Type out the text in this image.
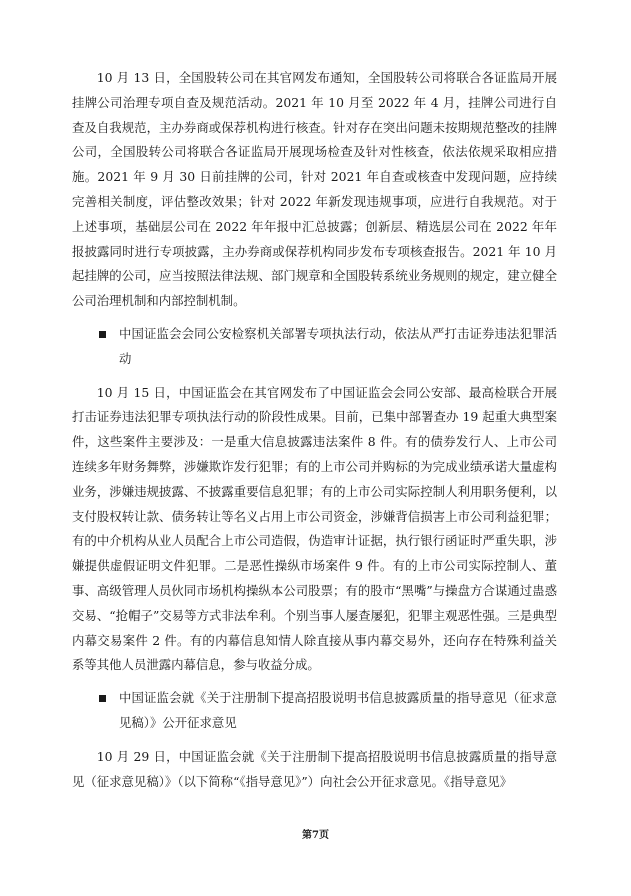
10 月 13 日，全国股转公司在其官网发布通知，全国股转公司将联合各证监局开展挂牌公司治理专项自查及规范活动。2021 年 10 月至 2022 年 4 月，挂牌公司进行自查及自我规范，主办券商或保荐机构进行核查。针对存在突出问题未按期规范整改的挂牌公司，全国股转公司将联合各证监局开展现场检查及针对性核查，依法依规采取相应措施。2021 年 9 月 30 日前挂牌的公司，针对 2021 年自查或核查中发现问题，应持续完善相关制度，评估整改效果；针对 2022 年新发现违规事项，应进行自我规范。对于上述事项，基础层公司在 2022 年年报中汇总披露；创新层、精选层公司在 2022 年年报披露同时进行专项披露，主办券商或保荐机构同步发布专项核查报告。2021 年 10 月起挂牌的公司，应当按照法律法规、部门规章和全国股转系统业务规则的规定，建立健全公司治理机制和内部控制机制。

中国证监会会同公安检察机关部署专项执法行动，依法从严打击证券违法犯罪活动

10 月 15 日，中国证监会在其官网发布了中国证监会会同公安部、最高检联合开展打击证券违法犯罪专项执法行动的阶段性成果。目前，已集中部署查办 19 起重大典型案件，这些案件主要涉及：一是重大信息披露违法案件 8 件。有的债券发行人、上市公司连续多年财务舞弊，涉嫌欺诈发行犯罪；有的上市公司并购标的为完成业绩承诺大量虚构业务，涉嫌违规披露、不披露重要信息犯罪；有的上市公司实际控制人利用职务便利，以支付股权转让款、债务转让等名义占用上市公司资金，涉嫌背信损害上市公司利益犯罪；有的中介机构从业人员配合上市公司造假，伪造审计证据，执行银行函证时严重失职，涉嫌提供虚假证明文件犯罪。二是恶性操纵市场案件 9 件。有的上市公司实际控制人、董事、高级管理人员伙同市场机构操纵本公司股票；有的股市“黑嘴”与操盘方合谋通过蛊惑交易、“抢帽子”交易等方式非法牟利。个别当事人屡查屡犯，犯罪主观恶性强。三是典型内幕交易案件 2 件。有的内幕信息知情人除直接从事内幕交易外，还向存在特殊利益关系等其他人员泄露内幕信息，参与收益分成。

中国证监会就《关于注册制下提高招股说明书信息披露质量的指导意见（征求意见稿）》公开征求意见

10 月 29 日，中国证监会就《关于注册制下提高招股说明书信息披露质量的指导意见（征求意见稿）》（以下简称“《指导意见》”）向社会公开征求意见。《指导意见》

第7页
